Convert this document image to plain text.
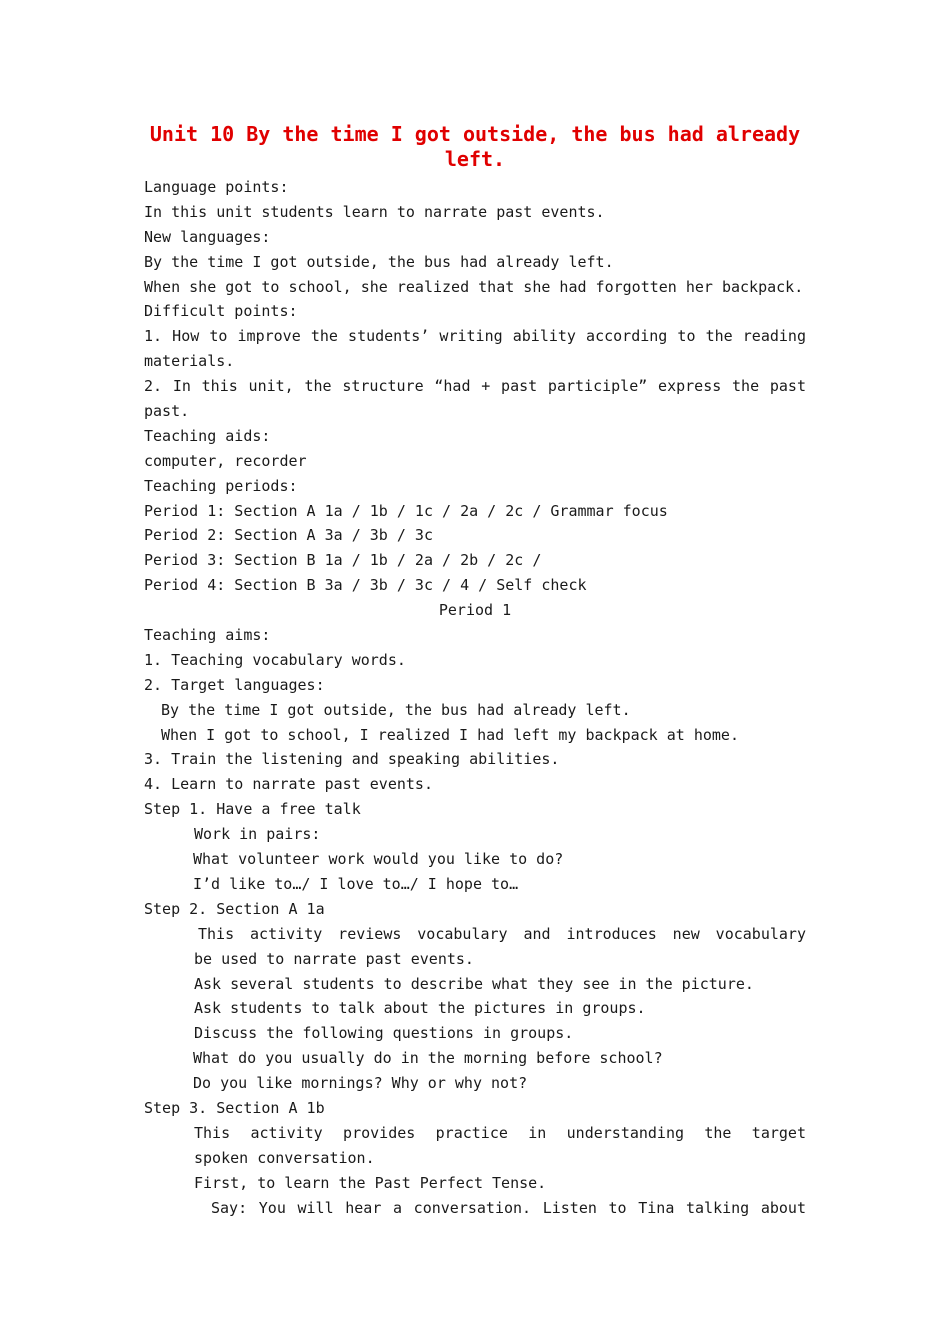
Unit 10 By the time I got outside, the bus had already left.
Language points:
In this unit students learn to narrate past events.
New languages:
By the time I got outside, the bus had already left.
When she got to school, she realized that she had forgotten her backpack.
Difficult points:
1. How to improve the students’ writing ability according to the reading
materials.
2. In this unit, the structure “had + past participle” express the past
past.
Teaching aids:
computer, recorder
Teaching periods:
Period 1: Section A 1a / 1b / 1c / 2a / 2c / Grammar focus
Period 2: Section A 3a / 3b / 3c
Period 3: Section B 1a / 1b / 2a / 2b / 2c /
Period 4: Section B 3a / 3b / 3c / 4 / Self check
Period 1
Teaching aims:
1. Teaching vocabulary words.
2. Target languages:
By the time I got outside, the bus had already left.
When I got to school, I realized I had left my backpack at home.
3. Train the listening and speaking abilities.
4. Learn to narrate past events.
Step 1. Have a free talk
Work in pairs:
What volunteer work would you like to do?
I’d like to…/ I love to…/ I hope to…
Step 2. Section A 1a
This activity reviews vocabulary and introduces new vocabulary
be used to narrate past events.
Ask several students to describe what they see in the picture.
Ask students to talk about the pictures in groups.
Discuss the following questions in groups.
What do you usually do in the morning before school?
Do you like mornings? Why or why not?
Step 3. Section A 1b
This activity provides practice in understanding the target
spoken conversation.
First, to learn the Past Perfect Tense.
Say: You will hear a conversation. Listen to Tina talking about
